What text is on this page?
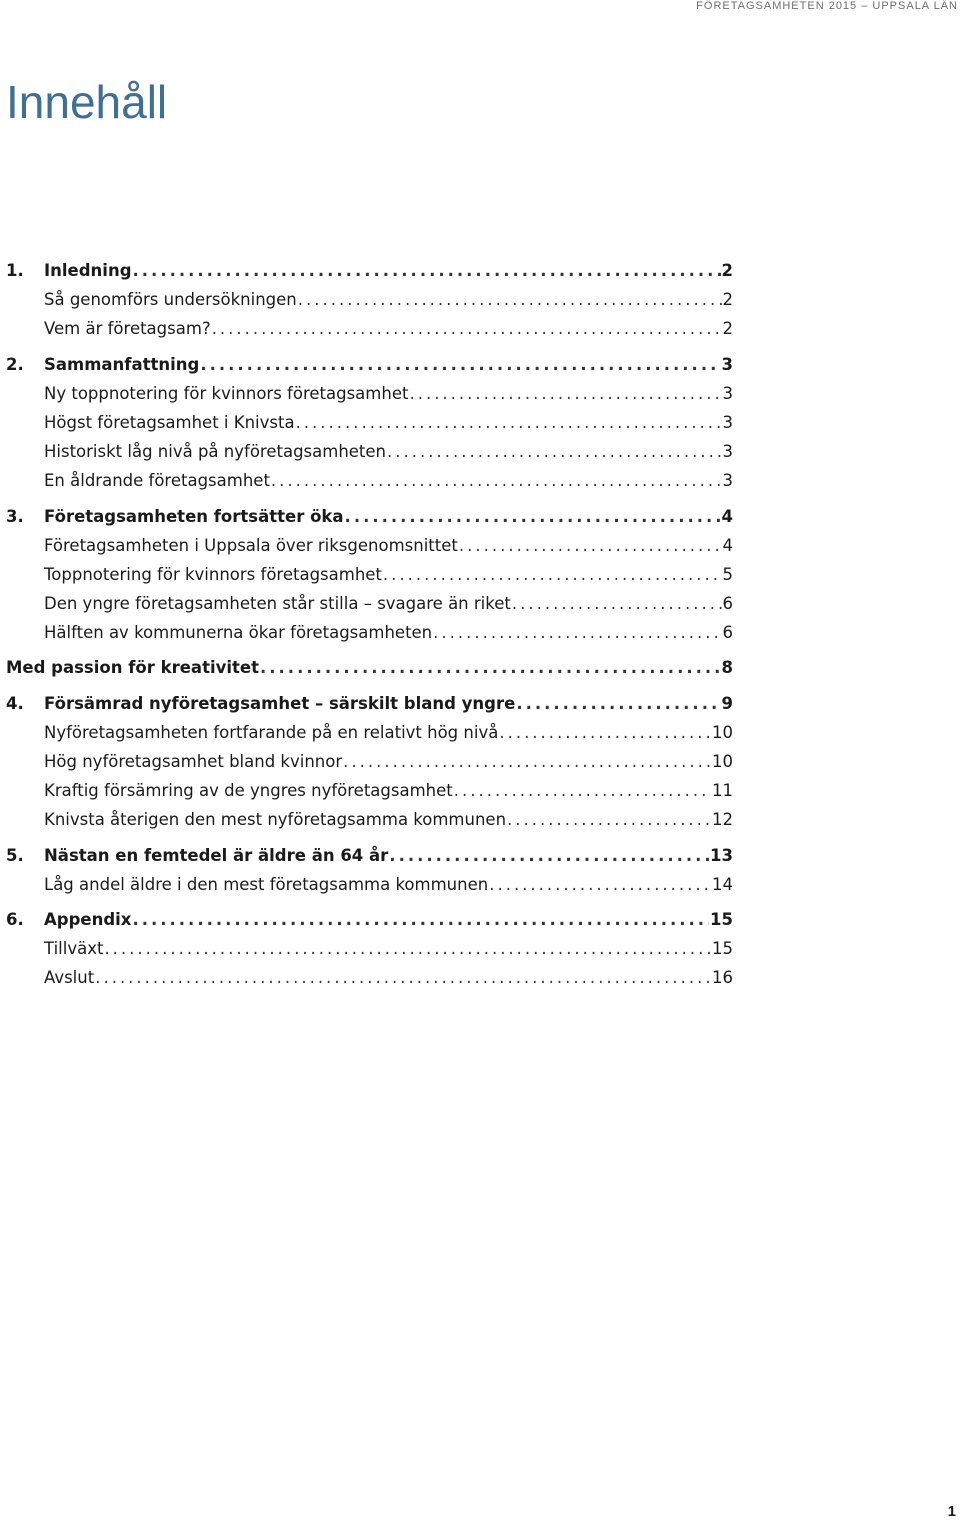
FÖRETAGSAMHETEN 2015 – UPPSALA LÄN
Innehåll
1.	Inledning .....	2
Så genomförs undersökningen .....	2
Vem är företagsam? .....	2
2.	Sammanfattning .....	3
Ny toppnotering för kvinnors företagsamhet .....	3
Högst företagsamhet i Knivsta .....	3
Historiskt låg nivå på nyföretagsamheten .....	3
En åldrande företagsamhet .....	3
3.	Företagsamheten fortsätter öka .....	4
Företagsamheten i Uppsala över riksgenomsnittet .....	4
Toppnotering för kvinnors företagsamhet .....	5
Den yngre företagsamheten står stilla – svagare än riket .....	6
Hälften av kommunerna ökar företagsamheten .....	6
Med passion för kreativitet .....	8
4.	Försämrad nyföretagsamhet – särskilt bland yngre .....	9
Nyföretagsamheten fortfarande på en relativt hög nivå .....	10
Hög nyföretagsamhet bland kvinnor .....	10
Kraftig försämring av de yngres nyföretagsamhet .....	11
Knivsta återigen den mest nyföretagsamma kommunen .....	12
5.	Nästan en femtedel är äldre än 64 år .....	13
Låg andel äldre i den mest företagsamma kommunen .....	14
6.	Appendix .....	15
Tillväxt .....	15
Avslut .....	16
1
